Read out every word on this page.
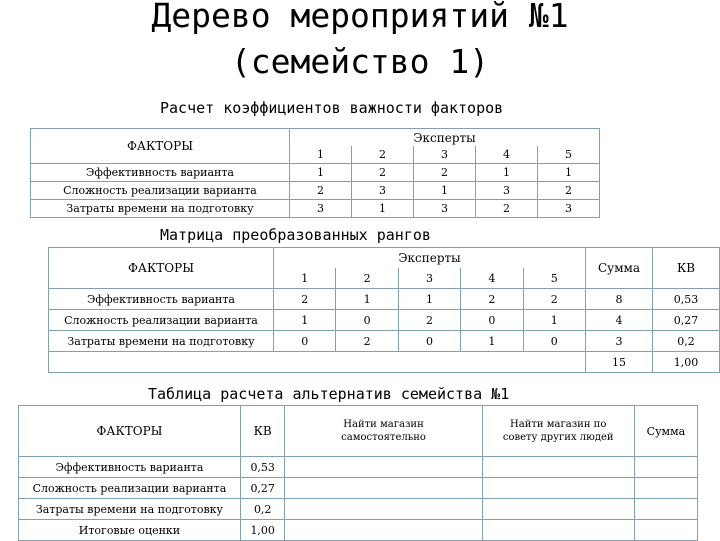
Дерево мероприятий №1
(семейство 1)
Расчет коэффициентов важности факторов
ФАКТОРЫ	Эксперты				
	1	2	3	4	5
Эффективность варианта	1	2	2	1	1
Сложность реализации варианта	2	3	1	3	2
Затраты времени на подготовку	3	1	3	2	3
Матрица преобразованных рангов
ФАКТОРЫ	Эксперты					Сумма	КВ
	1	2	3	4	5		
Эффективность варианта	2	1	1	2	2	8	0,53
Сложность реализации варианта	1	0	2	0	1	4	0,27
Затраты времени на подготовку	0	2	0	1	0	3	0,2
						15	1,00
Таблица расчета альтернатив семейства №1
ФАКТОРЫ	КВ	Найти магазин самостоятельно	Найти магазин по совету других людей	Сумма
Эффективность варианта	0,53			
Сложность реализации варианта	0,27			
Затраты времени на подготовку	0,2			
Итоговые оценки	1,00			
